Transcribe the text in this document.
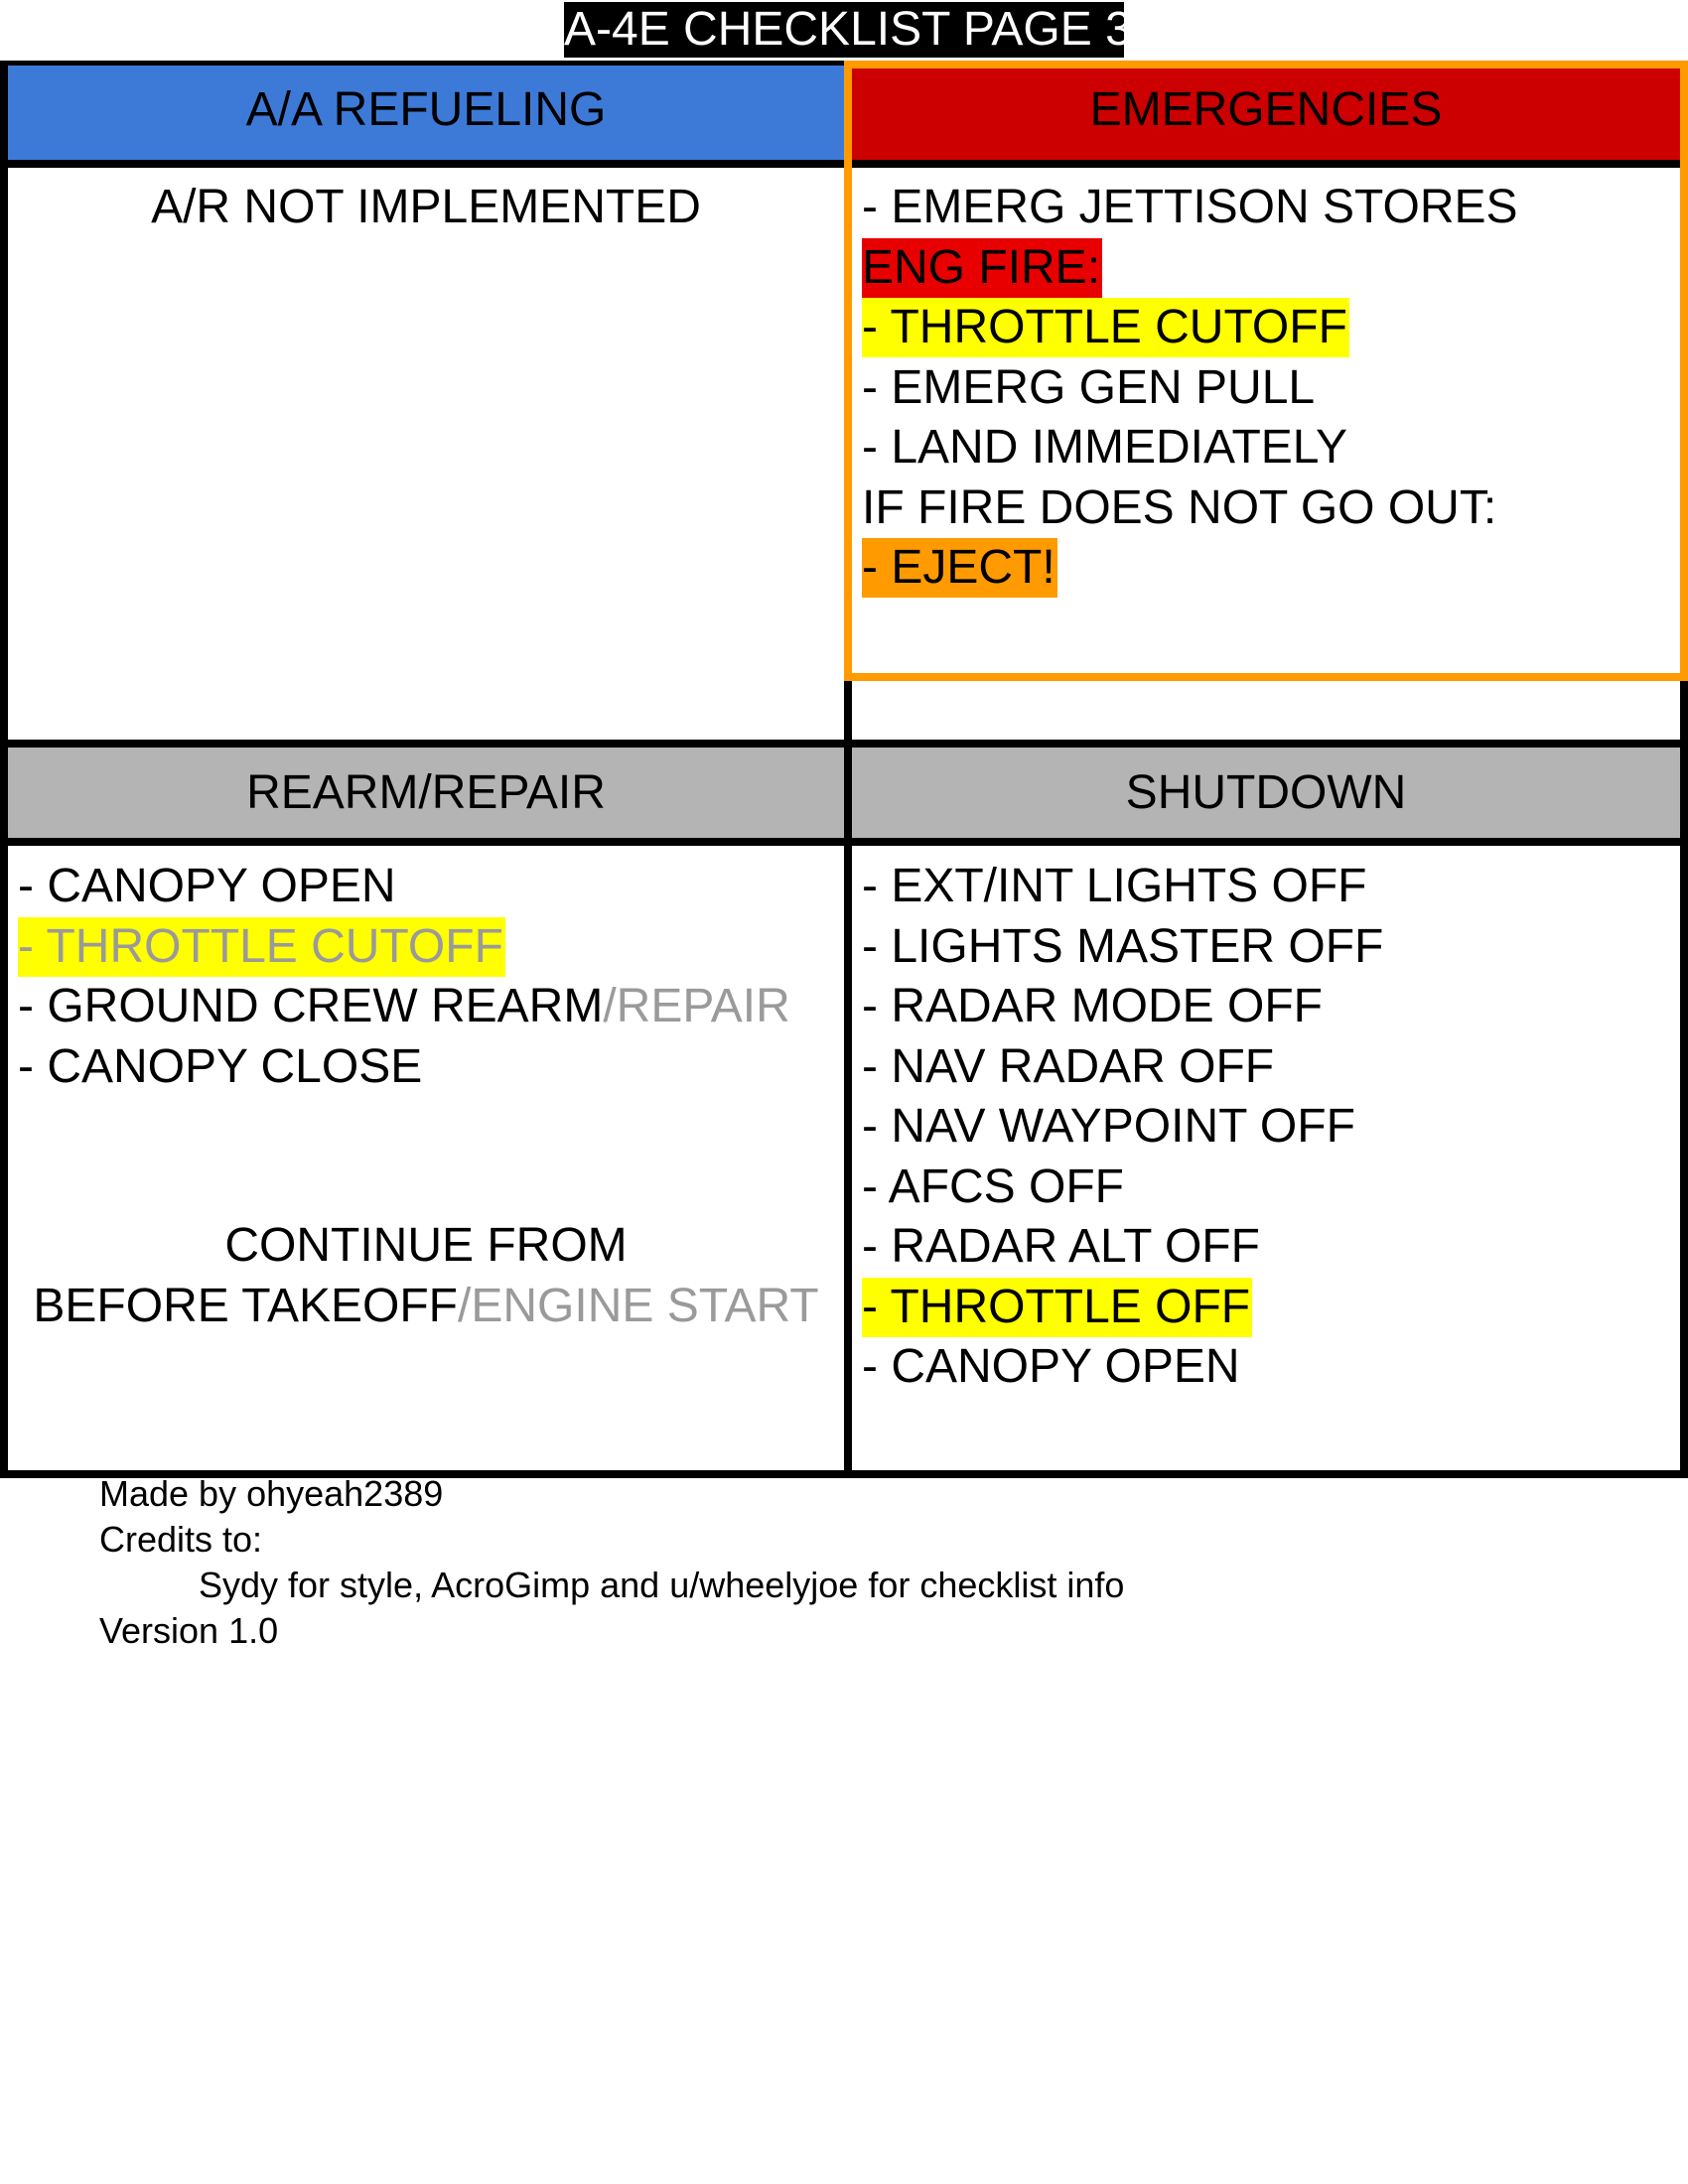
A-4E CHECKLIST PAGE 3
A/A REFUELING
A/R NOT IMPLEMENTED
EMERGENCIES
- EMERG JETTISON STORES
ENG FIRE:
- THROTTLE CUTOFF
- EMERG GEN PULL
- LAND IMMEDIATELY
IF FIRE DOES NOT GO OUT:
- EJECT!
REARM/REPAIR
- CANOPY OPEN
- THROTTLE CUTOFF
- GROUND CREW REARM/REPAIR
- CANOPY CLOSE
CONTINUE FROM
BEFORE TAKEOFF/ENGINE START
SHUTDOWN
- EXT/INT LIGHTS OFF
- LIGHTS MASTER OFF
- RADAR MODE OFF
- NAV RADAR OFF
- NAV WAYPOINT OFF
- AFCS OFF
- RADAR ALT OFF
- THROTTLE OFF
- CANOPY OPEN
Made by ohyeah2389
Credits to:
Sydy for style, AcroGimp and u/wheelyjoe for checklist info
Version 1.0
